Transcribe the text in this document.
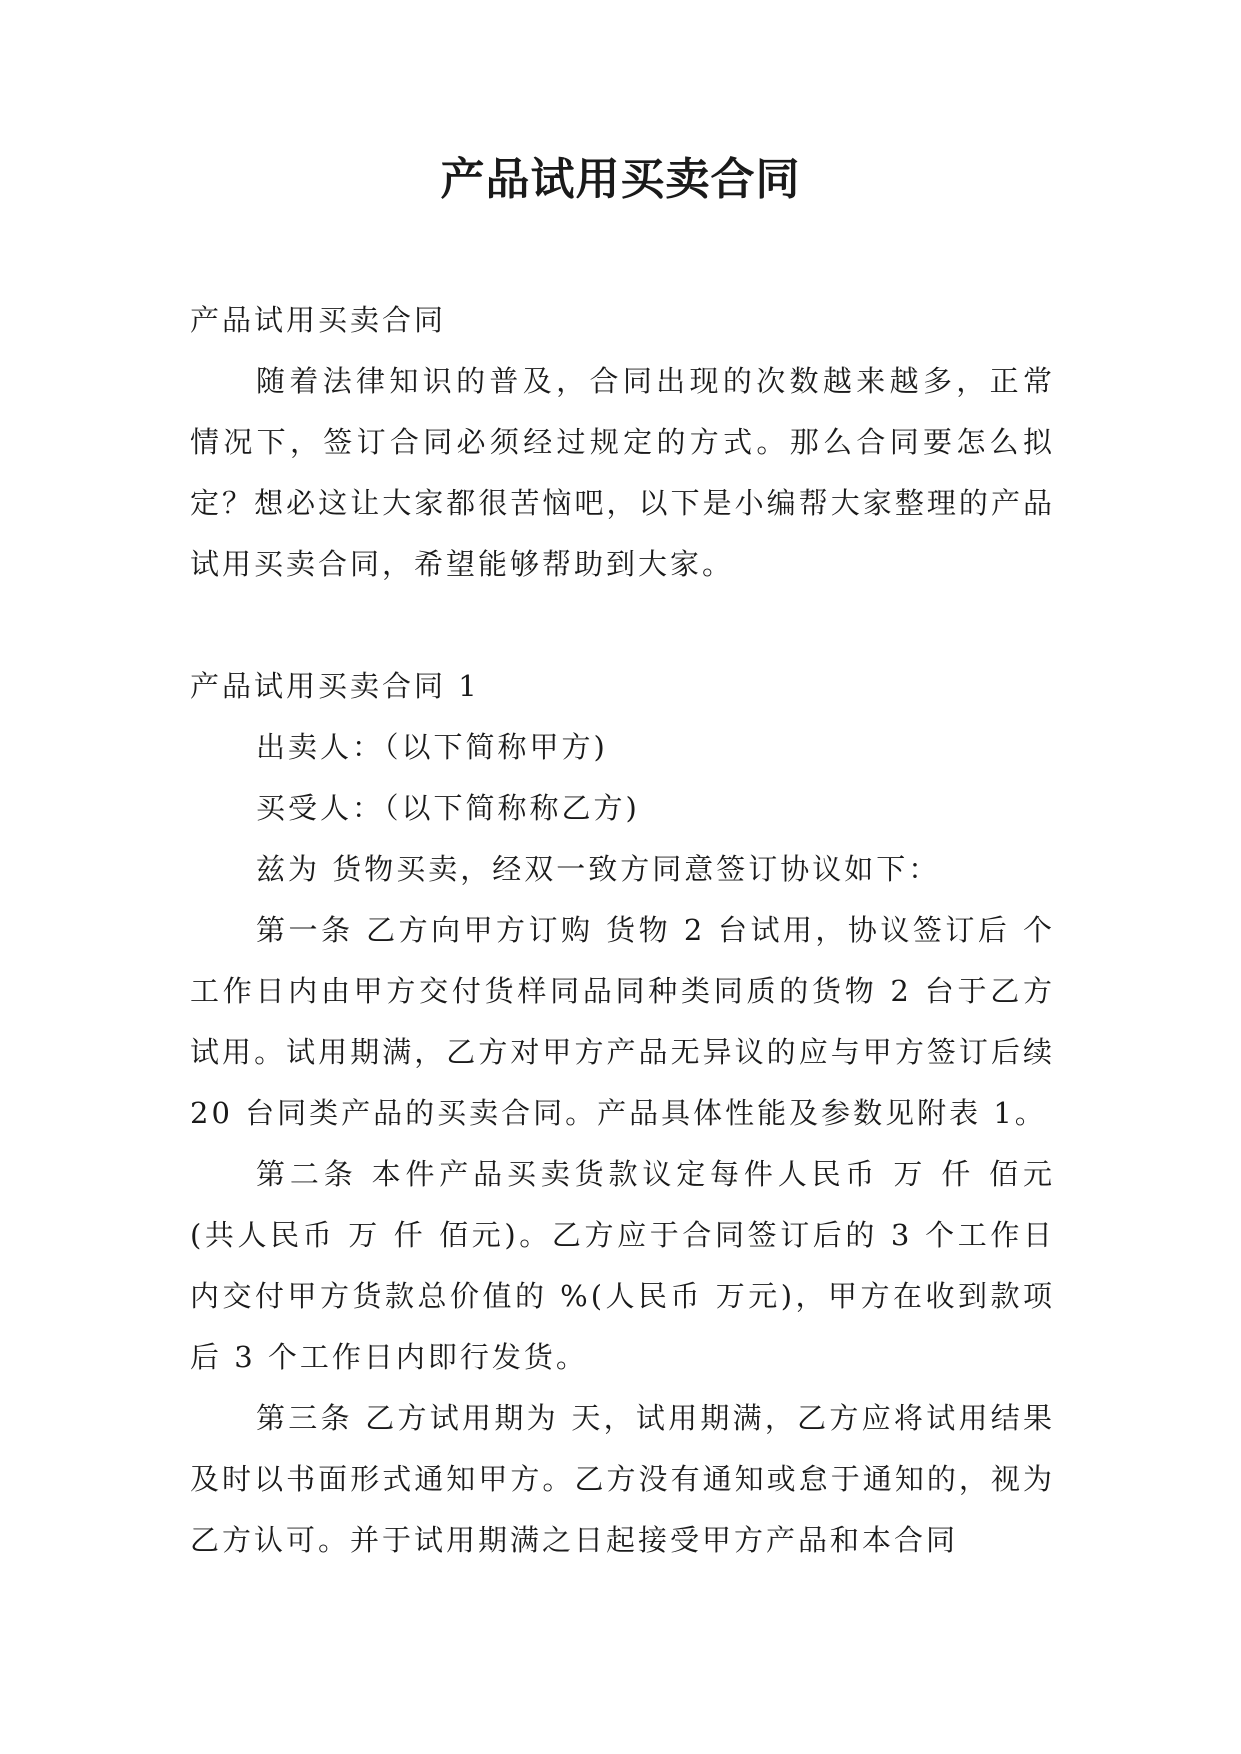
产品试用买卖合同

产品试用买卖合同

随着法律知识的普及，合同出现的次数越来越多，正常情况下，签订合同必须经过规定的方式。那么合同要怎么拟定？想必这让大家都很苦恼吧，以下是小编帮大家整理的产品试用买卖合同，希望能够帮助到大家。

产品试用买卖合同 1

出卖人：（以下简称甲方)

买受人：（以下简称称乙方)

兹为 货物买卖，经双一致方同意签订协议如下：

第一条 乙方向甲方订购 货物 2 台试用，协议签订后 个工作日内由甲方交付货样同品同种类同质的货物 2 台于乙方试用。试用期满，乙方对甲方产品无异议的应与甲方签订后续 20 台同类产品的买卖合同。产品具体性能及参数见附表 1。

第二条 本件产品买卖货款议定每件人民币 万 仟 佰元(共人民币 万 仟 佰元)。乙方应于合同签订后的 3 个工作日内交付甲方货款总价值的 %(人民币 万元)，甲方在收到款项后 3 个工作日内即行发货。

第三条 乙方试用期为 天，试用期满，乙方应将试用结果及时以书面形式通知甲方。乙方没有通知或怠于通知的，视为乙方认可。并于试用期满之日起接受甲方产品和本合同
